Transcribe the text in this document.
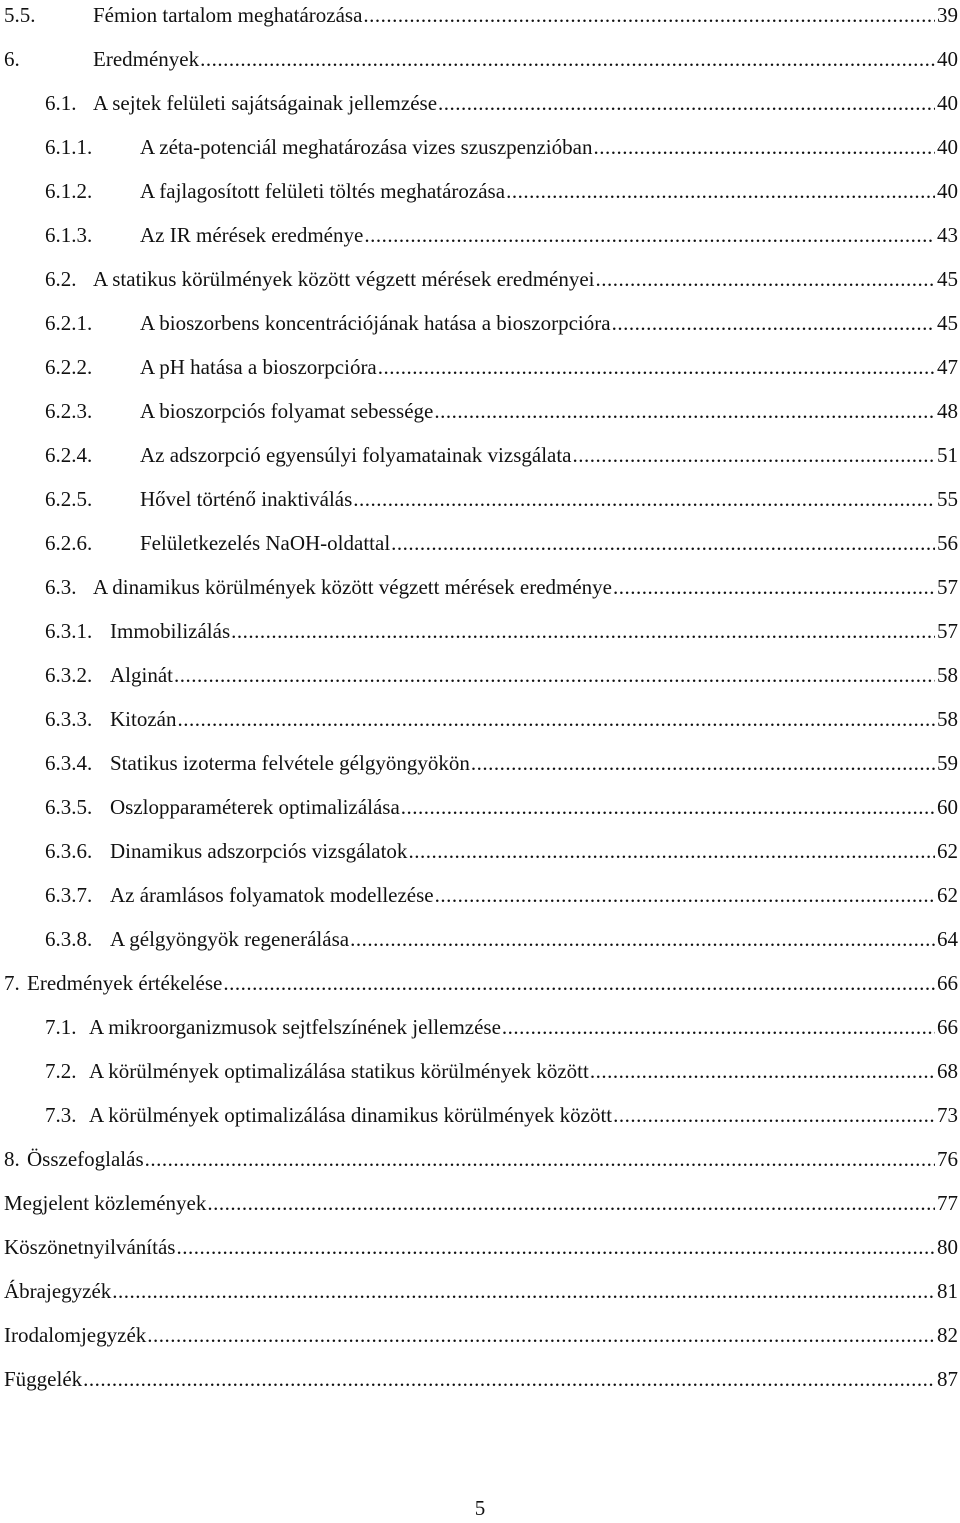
5.5.	Fémion tartalom meghatározása .....	39
6.	Eredmények .....	40
6.1. A sejtek felületi sajátságainak jellemzése .....	40
6.1.1.	A zéta-potenciál meghatározása vizes szuszpenzióban .....	40
6.1.2.	A fajlagosított felületi töltés meghatározása .....	40
6.1.3.	Az IR mérések eredménye .....	43
6.2. A statikus körülmények között végzett mérések eredményei .....	45
6.2.1.	A bioszorbens koncentrációjának hatása a bioszorpcióra .....	45
6.2.2.	A pH hatása a bioszorpcióra .....	47
6.2.3.	A bioszorpciós folyamat sebessége .....	48
6.2.4.	Az adszorpció egyensúlyi folyamatainak vizsgálata .....	51
6.2.5.	Hővel történő inaktiválás .....	55
6.2.6.	Felületkezelés NaOH-oldattal .....	56
6.3. A dinamikus körülmények között végzett mérések eredménye .....	57
6.3.1. Immobilizálás .....	57
6.3.2. Alginát .....	58
6.3.3. Kitozán .....	58
6.3.4. Statikus izoterma felvétele gélgyöngyökön .....	59
6.3.5. Oszlopparaméterek optimalizálása .....	60
6.3.6. Dinamikus adszorpciós vizsgálatok .....	62
6.3.7. Az áramlásos folyamatok modellezése .....	62
6.3.8. A gélgyöngyök regenerálása .....	64
7. Eredmények értékelése .....	66
7.1. A mikroorganizmusok sejtfelszínének jellemzése .....	66
7.2. A körülmények optimalizálása statikus körülmények között .....	68
7.3. A körülmények optimalizálása dinamikus körülmények között .....	73
8. Összefoglalás .....	76
Megjelent közlemények .....	77
Köszönetnyilvánítás .....	80
Ábrajegyzék .....	81
Irodalomjegyzék .....	82
Függelék .....	87
5
